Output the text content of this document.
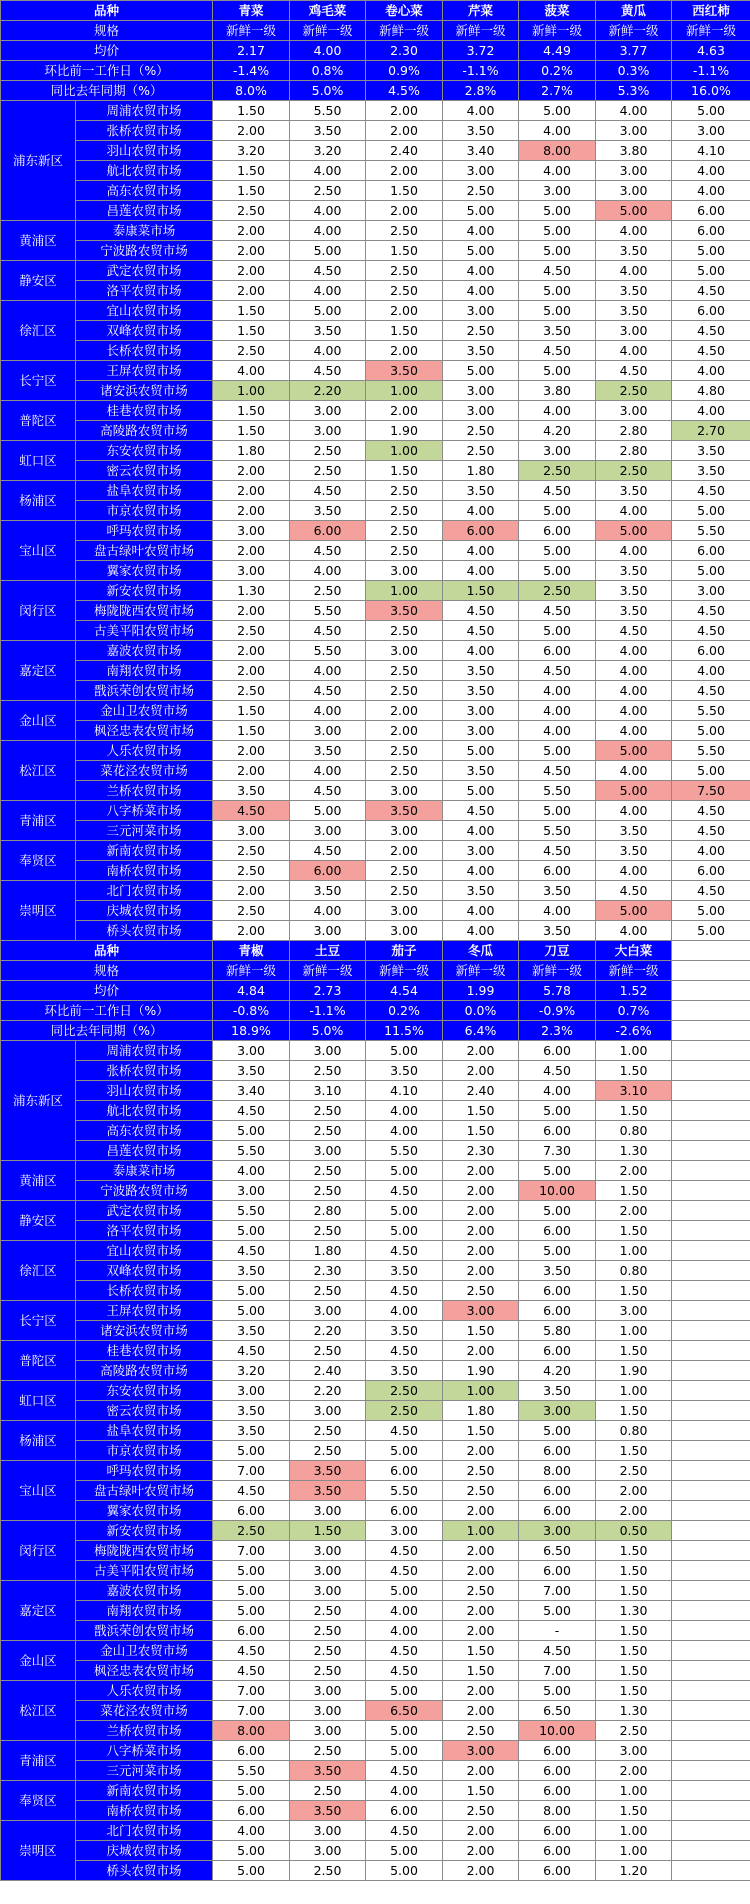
品种		青菜	鸡毛菜	卷心菜	芹菜	菠菜	黄瓜	西红柿
规格		新鲜一级	新鲜一级	新鲜一级	新鲜一级	新鲜一级	新鲜一级	新鲜一级
均价		2.17	4.00	2.30	3.72	4.49	3.77	4.63
环比前一工作日（%）		-1.4%	0.8%	0.9%	-1.1%	0.2%	0.3%	-1.1%
同比去年同期（%）		8.0%	5.0%	4.5%	2.8%	2.7%	5.3%	16.0%
浦东新区	周浦农贸市场	1.50	5.50	2.00	4.00	5.00	4.00	5.00
	张桥农贸市场	2.00	3.50	2.00	3.50	4.00	3.00	3.00
	羽山农贸市场	3.20	3.20	2.40	3.40	8.00	3.80	4.10
	航北农贸市场	1.50	4.00	2.00	3.00	4.00	3.00	4.00
	高东农贸市场	1.50	2.50	1.50	2.50	3.00	3.00	4.00
	昌莲农贸市场	2.50	4.00	2.00	5.00	5.00	5.00	6.00
黄浦区	泰康菜市场	2.00	4.00	2.50	4.00	5.00	4.00	6.00
	宁波路农贸市场	2.00	5.00	1.50	5.00	5.00	3.50	5.00
静安区	武定农贸市场	2.00	4.50	2.50	4.00	4.50	4.00	5.00
	洛平农贸市场	2.00	4.00	2.50	4.00	5.00	3.50	4.50
徐汇区	宜山农贸市场	1.50	5.00	2.00	3.00	5.00	3.50	6.00
	双峰农贸市场	1.50	3.50	1.50	2.50	3.50	3.00	4.50
	长桥农贸市场	2.50	4.00	2.00	3.50	4.50	4.00	4.50
长宁区	王屏农贸市场	4.00	4.50	3.50	5.00	5.00	4.50	4.00
	诸安浜农贸市场	1.00	2.20	1.00	3.00	3.80	2.50	4.80
普陀区	桂巷农贸市场	1.50	3.00	2.00	3.00	4.00	3.00	4.00
	高陵路农贸市场	1.50	3.00	1.90	2.50	4.20	2.80	2.70
虹口区	东安农贸市场	1.80	2.50	1.00	2.50	3.00	2.80	3.50
	密云农贸市场	2.00	2.50	1.50	1.80	2.50	2.50	3.50
杨浦区	盐阜农贸市场	2.00	4.50	2.50	3.50	4.50	3.50	4.50
	市京农贸市场	2.00	3.50	2.50	4.00	5.00	4.00	5.00
宝山区	呼玛农贸市场	3.00	6.00	2.50	6.00	6.00	5.00	5.50
	盘古绿叶农贸市场	2.00	4.50	2.50	4.00	5.00	4.00	6.00
	翼家农贸市场	3.00	4.00	3.00	4.00	5.00	3.50	5.00
闵行区	新安农贸市场	1.30	2.50	1.00	1.50	2.50	3.50	3.00
	梅陇陇西农贸市场	2.00	5.50	3.50	4.50	4.50	3.50	4.50
	古美平阳农贸市场	2.50	4.50	2.50	4.50	5.00	4.50	4.50
嘉定区	嘉波农贸市场	2.00	5.50	3.00	4.00	6.00	4.00	6.00
	南翔农贸市场	2.00	4.00	2.50	3.50	4.50	4.00	4.00
	戬浜荣创农贸市场	2.50	4.50	2.50	3.50	4.00	4.00	4.50
金山区	金山卫农贸市场	1.50	4.00	2.00	3.00	4.00	4.00	5.50
	枫泾忠表农贸市场	1.50	3.00	2.00	3.00	4.00	4.00	5.00
松江区	人乐农贸市场	2.00	3.50	2.50	5.00	5.00	5.00	5.50
	菜花泾农贸市场	2.00	4.00	2.50	3.50	4.50	4.00	5.00
	兰桥农贸市场	3.50	4.50	3.00	5.00	5.50	5.00	7.50
青浦区	八字桥菜市场	4.50	5.00	3.50	4.50	5.00	4.00	4.50
	三元河菜市场	3.00	3.00	3.00	4.00	5.50	3.50	4.50
奉贤区	新南农贸市场	2.50	4.50	2.00	3.00	4.50	3.50	4.00
	南桥农贸市场	2.50	6.00	2.50	4.00	6.00	4.00	6.00
崇明区	北门农贸市场	2.00	3.50	2.50	3.50	3.50	4.50	4.50
	庆城农贸市场	2.50	4.00	3.00	4.00	4.00	5.00	5.00
	桥头农贸市场	2.00	3.00	3.00	4.00	3.50	4.00	5.00
品种		青椒	土豆	茄子	冬瓜	刀豆	大白菜	
规格		新鲜一级	新鲜一级	新鲜一级	新鲜一级	新鲜一级	新鲜一级	
均价		4.84	2.73	4.54	1.99	5.78	1.52	
环比前一工作日（%）		-0.8%	-1.1%	0.2%	0.0%	-0.9%	0.7%	
同比去年同期（%）		18.9%	5.0%	11.5%	6.4%	2.3%	-2.6%	
浦东新区	周浦农贸市场	3.00	3.00	5.00	2.00	6.00	1.00	
	张桥农贸市场	3.50	2.50	3.50	2.00	4.50	1.50	
	羽山农贸市场	3.40	3.10	4.10	2.40	4.00	3.10	
	航北农贸市场	4.50	2.50	4.00	1.50	5.00	1.50	
	高东农贸市场	5.00	2.50	4.00	1.50	6.00	0.80	
	昌莲农贸市场	5.50	3.00	5.50	2.30	7.30	1.30	
黄浦区	泰康菜市场	4.00	2.50	5.00	2.00	5.00	2.00	
	宁波路农贸市场	3.00	2.50	4.50	2.00	10.00	1.50	
静安区	武定农贸市场	5.50	2.80	5.00	2.00	5.00	2.00	
	洛平农贸市场	5.00	2.50	5.00	2.00	6.00	1.50	
徐汇区	宜山农贸市场	4.50	1.80	4.50	2.00	5.00	1.00	
	双峰农贸市场	3.50	2.30	3.50	2.00	3.50	0.80	
	长桥农贸市场	5.00	2.50	4.50	2.50	6.00	1.50	
长宁区	王屏农贸市场	5.00	3.00	4.00	3.00	6.00	3.00	
	诸安浜农贸市场	3.50	2.20	3.50	1.50	5.80	1.00	
普陀区	桂巷农贸市场	4.50	2.50	4.50	2.00	6.00	1.50	
	高陵路农贸市场	3.20	2.40	3.50	1.90	4.20	1.90	
虹口区	东安农贸市场	3.00	2.20	2.50	1.00	3.50	1.00	
	密云农贸市场	3.50	3.00	2.50	1.80	3.00	1.50	
杨浦区	盐阜农贸市场	3.50	2.50	4.50	1.50	5.00	0.80	
	市京农贸市场	5.00	2.50	5.00	2.00	6.00	1.50	
宝山区	呼玛农贸市场	7.00	3.50	6.00	2.50	8.00	2.50	
	盘古绿叶农贸市场	4.50	3.50	5.50	2.50	6.00	2.00	
	翼家农贸市场	6.00	3.00	6.00	2.00	6.00	2.00	
闵行区	新安农贸市场	2.50	1.50	3.00	1.00	3.00	0.50	
	梅陇陇西农贸市场	7.00	3.00	4.50	2.00	6.50	1.50	
	古美平阳农贸市场	5.00	3.00	4.50	2.00	6.00	1.50	
嘉定区	嘉波农贸市场	5.00	3.00	5.00	2.50	7.00	1.50	
	南翔农贸市场	5.00	2.50	4.00	2.00	5.00	1.30	
	戬浜荣创农贸市场	6.00	2.50	4.00	2.00	-	1.50	
金山区	金山卫农贸市场	4.50	2.50	4.50	1.50	4.50	1.50	
	枫泾忠表农贸市场	4.50	2.50	4.50	1.50	7.00	1.50	
松江区	人乐农贸市场	7.00	3.00	5.00	2.00	5.00	1.50	
	菜花泾农贸市场	7.00	3.00	6.50	2.00	6.50	1.30	
	兰桥农贸市场	8.00	3.00	5.00	2.50	10.00	2.50	
青浦区	八字桥菜市场	6.00	2.50	5.00	3.00	6.00	3.00	
	三元河菜市场	5.50	3.50	4.50	2.00	6.00	2.00	
奉贤区	新南农贸市场	5.00	2.50	4.00	1.50	6.00	1.00	
	南桥农贸市场	6.00	3.50	6.00	2.50	8.00	1.50	
崇明区	北门农贸市场	4.00	3.00	4.50	2.00	6.00	1.00	
	庆城农贸市场	5.00	3.00	5.00	2.00	6.00	1.00	
	桥头农贸市场	5.00	2.50	5.00	2.00	6.00	1.20	
